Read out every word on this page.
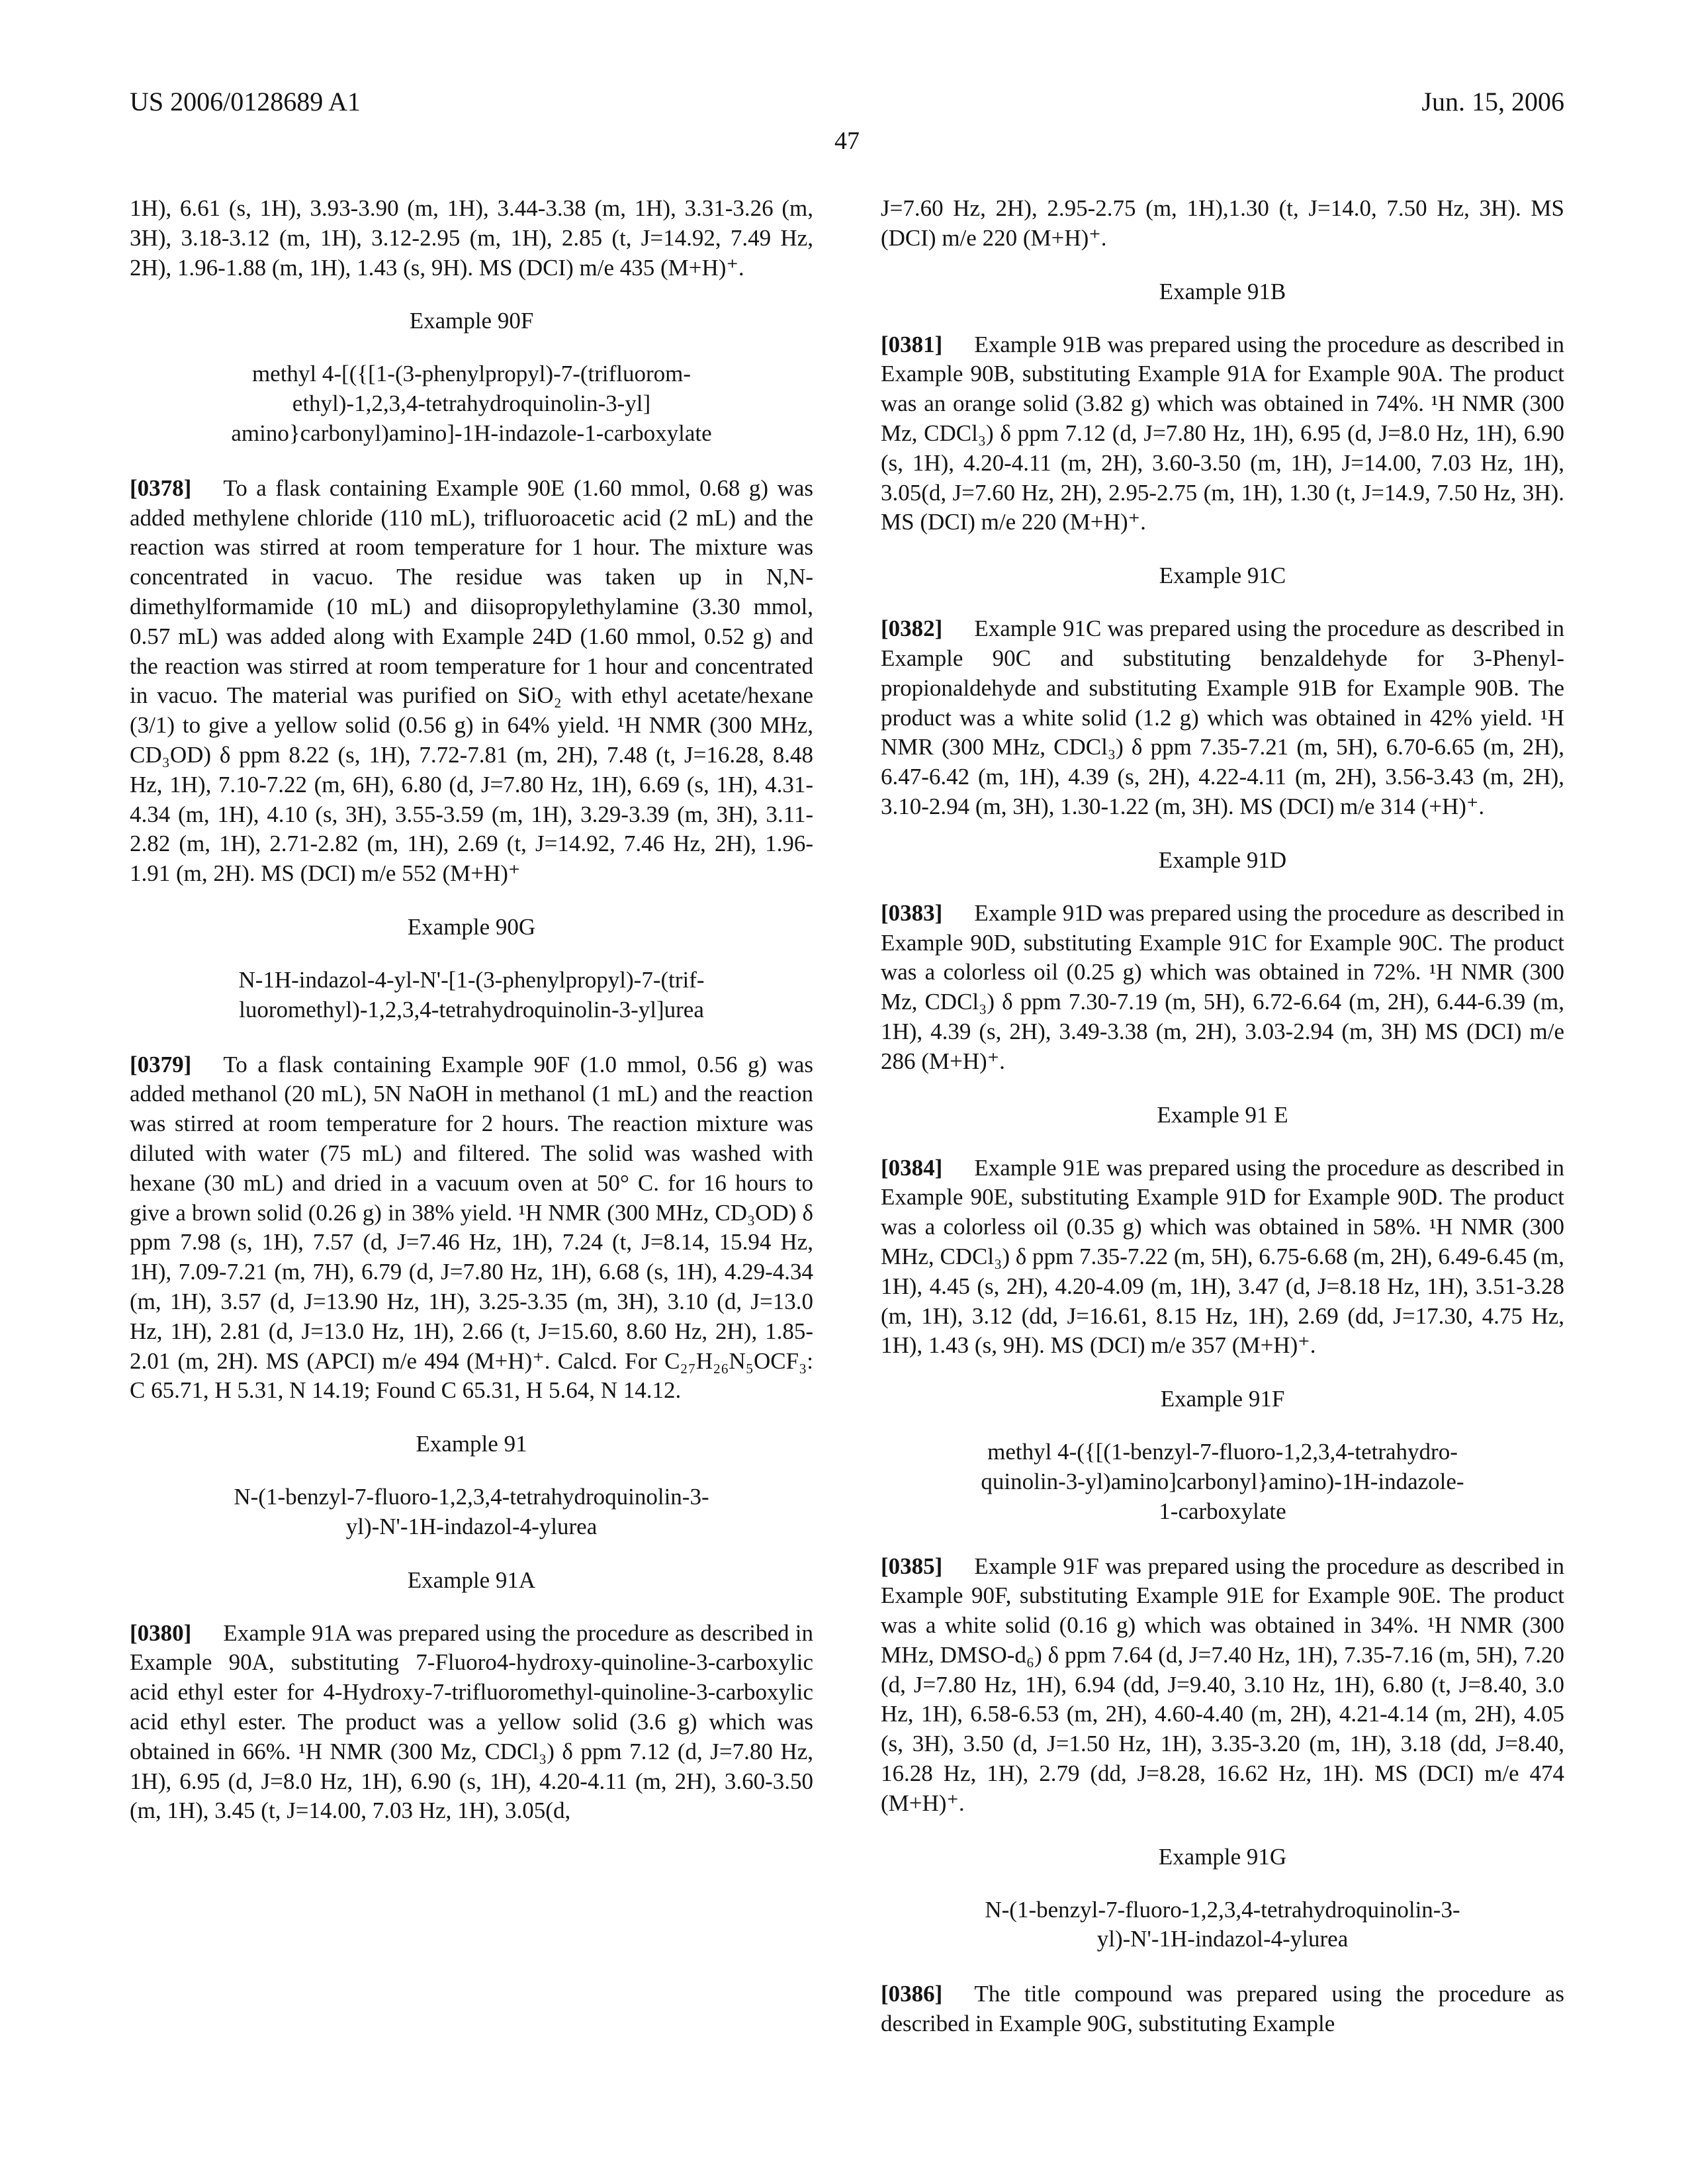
US 2006/0128689 A1	Jun. 15, 2006
47

1H), 6.61 (s, 1H), 3.93-3.90 (m, 1H), 3.44-3.38 (m, 1H), 3.31-3.26 (m, 3H), 3.18-3.12 (m, 1H), 3.12-2.95 (m, 1H), 2.85 (t, J=14.92, 7.49 Hz, 2H), 1.96-1.88 (m, 1H), 1.43 (s, 9H). MS (DCI) m/e 435 (M+H)⁺.

Example 90F
methyl 4-[({[1-(3-phenylpropyl)-7-(trifluorom-
ethyl)-1,2,3,4-tetrahydroquinolin-3-yl]
amino}carbonyl)amino]-1H-indazole-1-carboxylate

[0378] To a flask containing Example 90E (1.60 mmol, 0.68 g) was added methylene chloride (110 mL), trifluoroacetic acid (2 mL) and the reaction was stirred at room temperature for 1 hour. The mixture was concentrated in vacuo. The residue was taken up in N,N-dimethylformamide (10 mL) and diisopropylethylamine (3.30 mmol, 0.57 mL) was added along with Example 24D (1.60 mmol, 0.52 g) and the reaction was stirred at room temperature for 1 hour and concentrated in vacuo. The material was purified on SiO₂ with ethyl acetate/hexane (3/1) to give a yellow solid (0.56 g) in 64% yield. ¹H NMR (300 MHz, CD₃OD) δ ppm 8.22 (s, 1H), 7.72-7.81 (m, 2H), 7.48 (t, J=16.28, 8.48 Hz, 1H), 7.10-7.22 (m, 6H), 6.80 (d, J=7.80 Hz, 1H), 6.69 (s, 1H), 4.31-4.34 (m, 1H), 4.10 (s, 3H), 3.55-3.59 (m, 1H), 3.29-3.39 (m, 3H), 3.11-2.82 (m, 1H), 2.71-2.82 (m, 1H), 2.69 (t, J=14.92, 7.46 Hz, 2H), 1.96-1.91 (m, 2H). MS (DCI) m/e 552 (M+H)⁺

Example 90G
N-1H-indazol-4-yl-N'-[1-(3-phenylpropyl)-7-(trif-
luoromethyl)-1,2,3,4-tetrahydroquinolin-3-yl]urea

[0379] To a flask containing Example 90F (1.0 mmol, 0.56 g) was added methanol (20 mL), 5N NaOH in methanol (1 mL) and the reaction was stirred at room temperature for 2 hours. The reaction mixture was diluted with water (75 mL) and filtered. The solid was washed with hexane (30 mL) and dried in a vacuum oven at 50° C. for 16 hours to give a brown solid (0.26 g) in 38% yield. ¹H NMR (300 MHz, CD₃OD) δ ppm 7.98 (s, 1H), 7.57 (d, J=7.46 Hz, 1H), 7.24 (t, J=8.14, 15.94 Hz, 1H), 7.09-7.21 (m, 7H), 6.79 (d, J=7.80 Hz, 1H), 6.68 (s, 1H), 4.29-4.34 (m, 1H), 3.57 (d, J=13.90 Hz, 1H), 3.25-3.35 (m, 3H), 3.10 (d, J=13.0 Hz, 1H), 2.81 (d, J=13.0 Hz, 1H), 2.66 (t, J=15.60, 8.60 Hz, 2H), 1.85-2.01 (m, 2H). MS (APCI) m/e 494 (M+H)⁺. Calcd. For C₂₇H₂₆N₅OCF₃: C 65.71, H 5.31, N 14.19; Found C 65.31, H 5.64, N 14.12.

Example 91
N-(1-benzyl-7-fluoro-1,2,3,4-tetrahydroquinolin-3-
yl)-N'-1H-indazol-4-ylurea
Example 91A

[0380] Example 91A was prepared using the procedure as described in Example 90A, substituting 7-Fluoro4-hydroxy-quinoline-3-carboxylic acid ethyl ester for 4-Hydroxy-7-trifluoromethyl-quinoline-3-carboxylic acid ethyl ester. The product was a yellow solid (3.6 g) which was obtained in 66%. ¹H NMR (300 Mz, CDCl₃) δ ppm 7.12 (d, J=7.80 Hz, 1H), 6.95 (d, J=8.0 Hz, 1H), 6.90 (s, 1H), 4.20-4.11 (m, 2H), 3.60-3.50 (m, 1H), 3.45 (t, J=14.00, 7.03 Hz, 1H), 3.05(d,

J=7.60 Hz, 2H), 2.95-2.75 (m, 1H),1.30 (t, J=14.0, 7.50 Hz, 3H). MS (DCI) m/e 220 (M+H)⁺.

Example 91B

[0381] Example 91B was prepared using the procedure as described in Example 90B, substituting Example 91A for Example 90A. The product was an orange solid (3.82 g) which was obtained in 74%. ¹H NMR (300 Mz, CDCl₃) δ ppm 7.12 (d, J=7.80 Hz, 1H), 6.95 (d, J=8.0 Hz, 1H), 6.90 (s, 1H), 4.20-4.11 (m, 2H), 3.60-3.50 (m, 1H), J=14.00, 7.03 Hz, 1H), 3.05(d, J=7.60 Hz, 2H), 2.95-2.75 (m, 1H), 1.30 (t, J=14.9, 7.50 Hz, 3H). MS (DCI) m/e 220 (M+H)⁺.

Example 91C

[0382] Example 91C was prepared using the procedure as described in Example 90C and substituting benzaldehyde for 3-Phenyl-propionaldehyde and substituting Example 91B for Example 90B. The product was a white solid (1.2 g) which was obtained in 42% yield. ¹H NMR (300 MHz, CDCl₃) δ ppm 7.35-7.21 (m, 5H), 6.70-6.65 (m, 2H), 6.47-6.42 (m, 1H), 4.39 (s, 2H), 4.22-4.11 (m, 2H), 3.56-3.43 (m, 2H), 3.10-2.94 (m, 3H), 1.30-1.22 (m, 3H). MS (DCI) m/e 314 (+H)⁺.

Example 91D

[0383] Example 91D was prepared using the procedure as described in Example 90D, substituting Example 91C for Example 90C. The product was a colorless oil (0.25 g) which was obtained in 72%. ¹H NMR (300 Mz, CDCl₃) δ ppm 7.30-7.19 (m, 5H), 6.72-6.64 (m, 2H), 6.44-6.39 (m, 1H), 4.39 (s, 2H), 3.49-3.38 (m, 2H), 3.03-2.94 (m, 3H) MS (DCI) m/e 286 (M+H)⁺.

Example 91 E

[0384] Example 91E was prepared using the procedure as described in Example 90E, substituting Example 91D for Example 90D. The product was a colorless oil (0.35 g) which was obtained in 58%. ¹H NMR (300 MHz, CDCl₃) δ ppm 7.35-7.22 (m, 5H), 6.75-6.68 (m, 2H), 6.49-6.45 (m, 1H), 4.45 (s, 2H), 4.20-4.09 (m, 1H), 3.47 (d, J=8.18 Hz, 1H), 3.51-3.28 (m, 1H), 3.12 (dd, J=16.61, 8.15 Hz, 1H), 2.69 (dd, J=17.30, 4.75 Hz, 1H), 1.43 (s, 9H). MS (DCI) m/e 357 (M+H)⁺.

Example 91F
methyl 4-({[(1-benzyl-7-fluoro-1,2,3,4-tetrahydro-
quinolin-3-yl)amino]carbonyl}amino)-1H-indazole-
1-carboxylate

[0385] Example 91F was prepared using the procedure as described in Example 90F, substituting Example 91E for Example 90E. The product was a white solid (0.16 g) which was obtained in 34%. ¹H NMR (300 MHz, DMSO-d₆) δ ppm 7.64 (d, J=7.40 Hz, 1H), 7.35-7.16 (m, 5H), 7.20 (d, J=7.80 Hz, 1H), 6.94 (dd, J=9.40, 3.10 Hz, 1H), 6.80 (t, J=8.40, 3.0 Hz, 1H), 6.58-6.53 (m, 2H), 4.60-4.40 (m, 2H), 4.21-4.14 (m, 2H), 4.05 (s, 3H), 3.50 (d, J=1.50 Hz, 1H), 3.35-3.20 (m, 1H), 3.18 (dd, J=8.40, 16.28 Hz, 1H), 2.79 (dd, J=8.28, 16.62 Hz, 1H). MS (DCI) m/e 474 (M+H)⁺.

Example 91G
N-(1-benzyl-7-fluoro-1,2,3,4-tetrahydroquinolin-3-
yl)-N'-1H-indazol-4-ylurea

[0386] The title compound was prepared using the procedure as described in Example 90G, substituting Example
